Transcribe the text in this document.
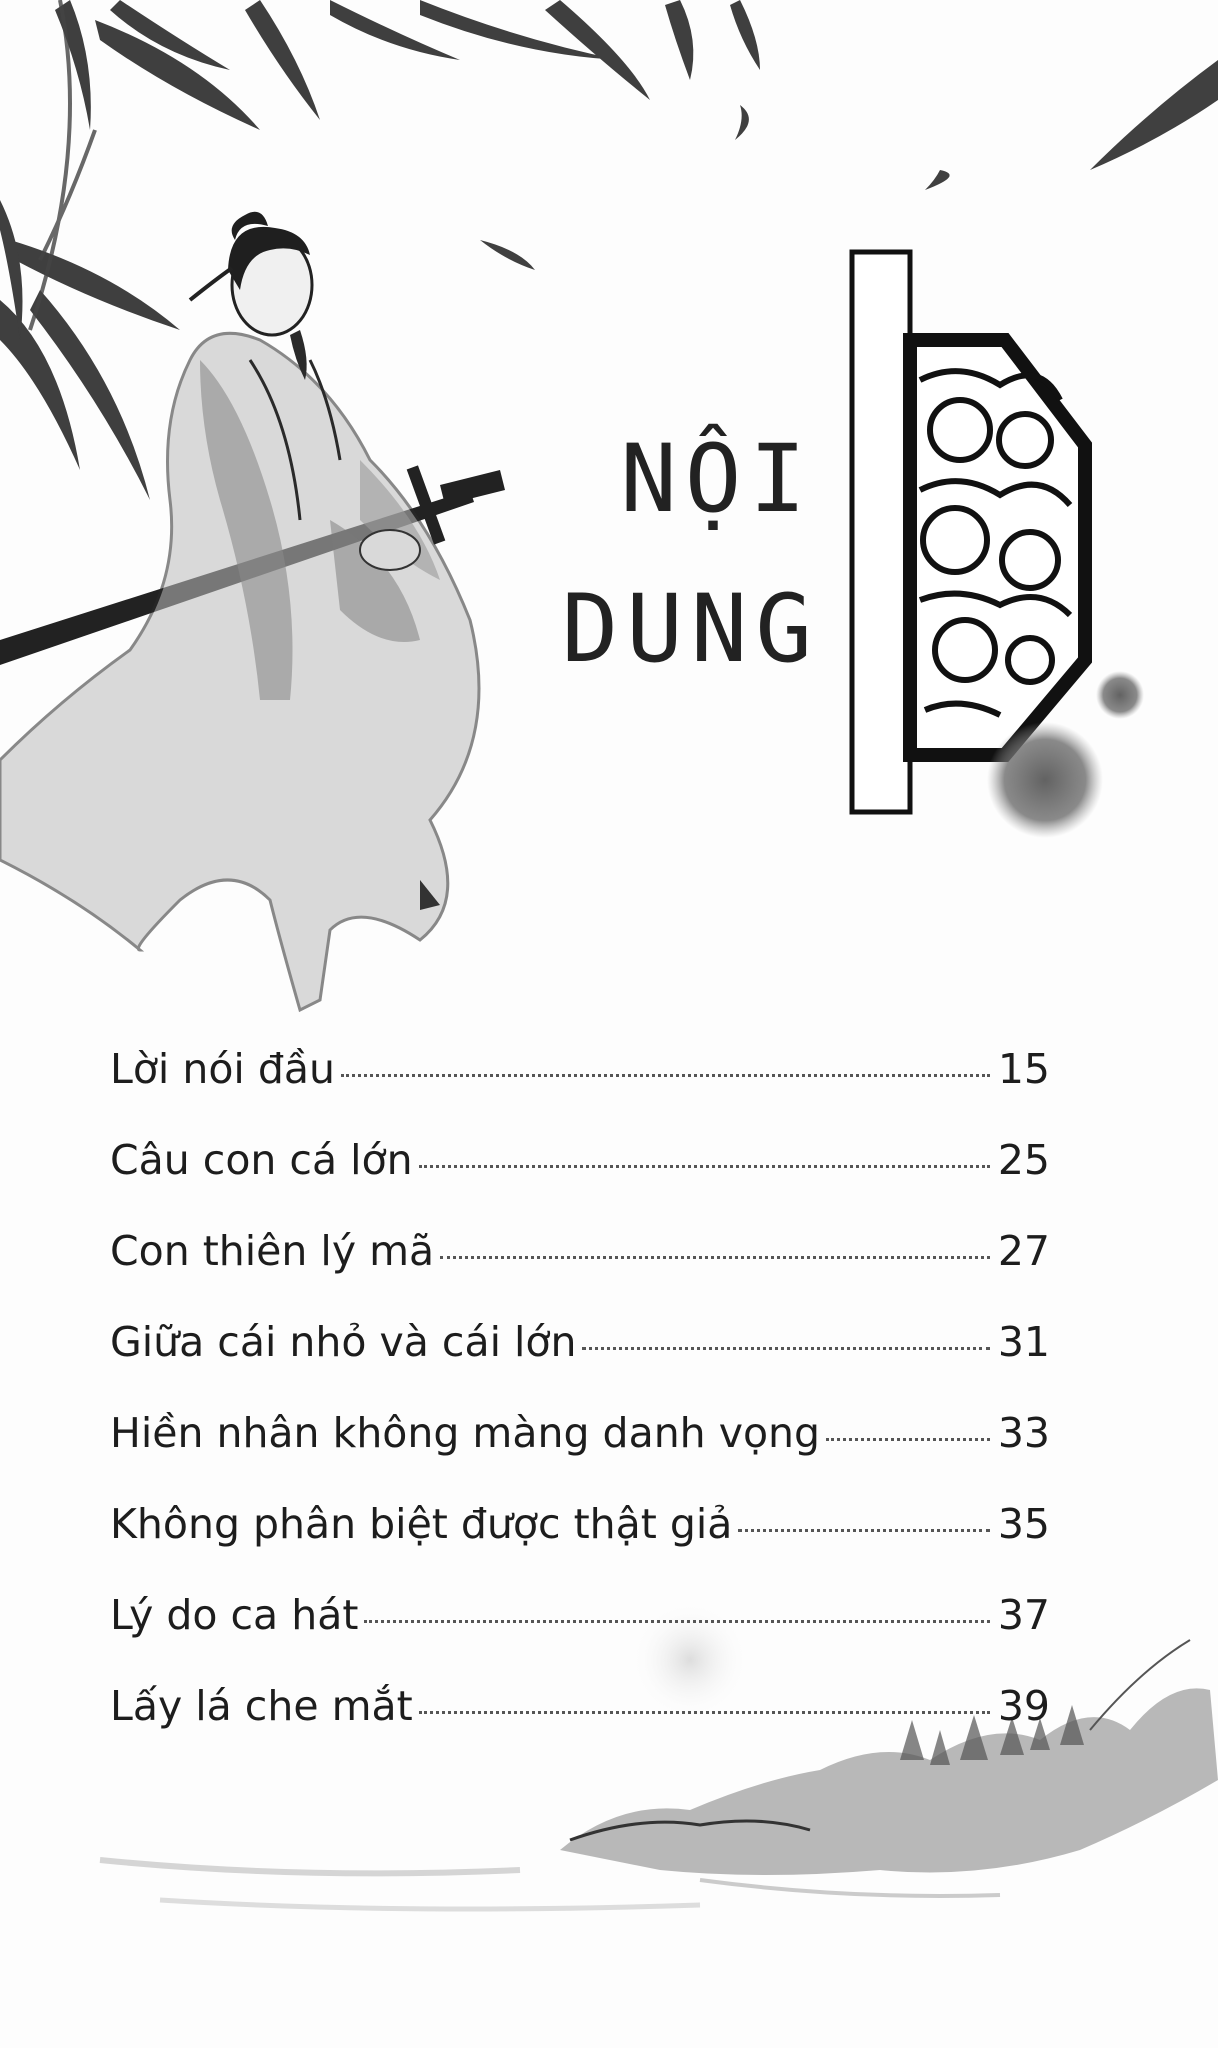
NỘI
DUNG
Lời nói đầu	15
Câu con cá lớn	25
Con thiên lý mã	27
Giữa cái nhỏ và cái lớn	31
Hiền nhân không màng danh vọng	33
Không phân biệt được thật giả	35
Lý do ca hát	37
Lấy lá che mắt	39
